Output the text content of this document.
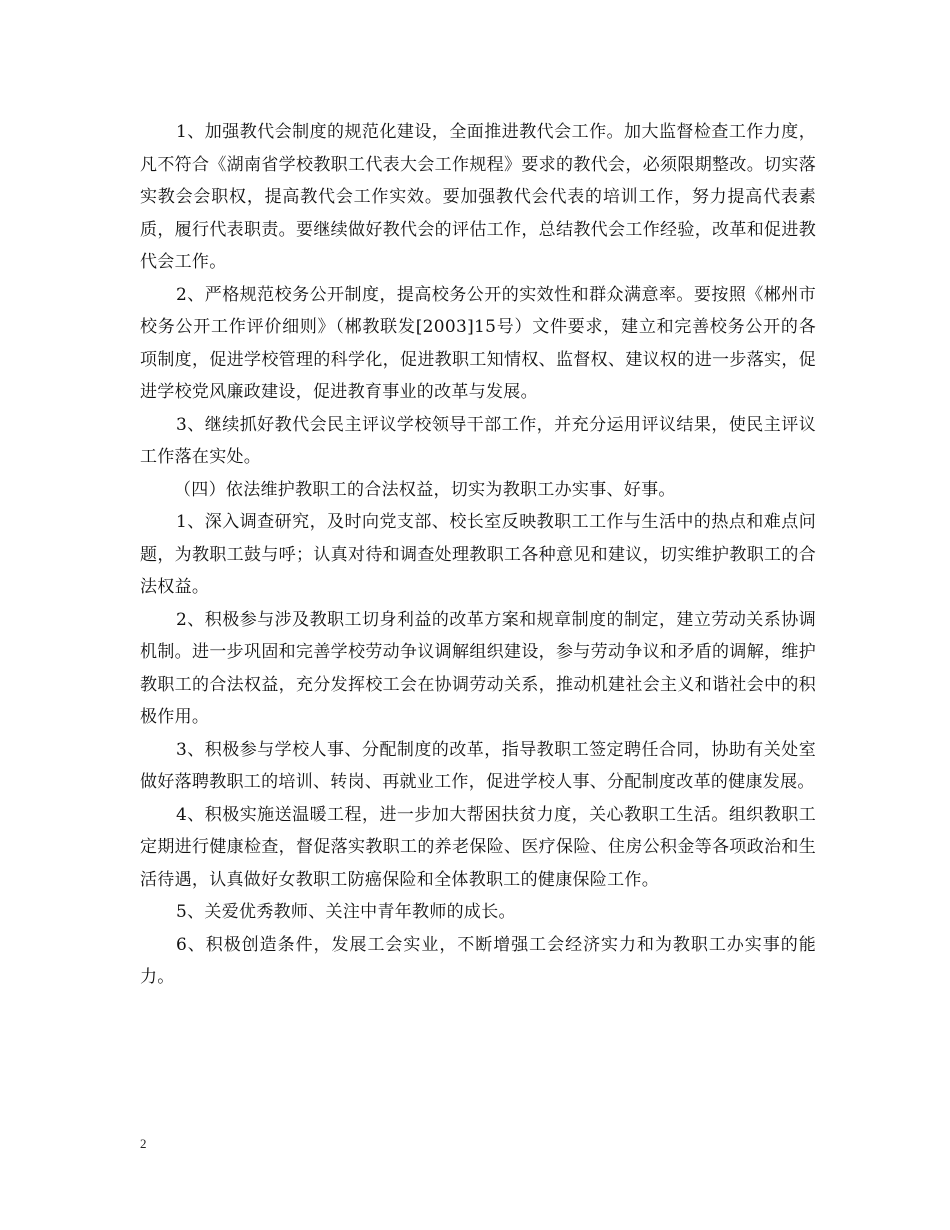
1、加强教代会制度的规范化建设，全面推进教代会工作。加大监督检查工作力度，凡不符合《湖南省学校教职工代表大会工作规程》要求的教代会，必须限期整改。切实落实教会会职权，提高教代会工作实效。要加强教代会代表的培训工作，努力提高代表素质，履行代表职责。要继续做好教代会的评估工作，总结教代会工作经验，改革和促进教代会工作。

2、严格规范校务公开制度，提高校务公开的实效性和群众满意率。要按照《郴州市校务公开工作评价细则》（郴教联发[2003]15号）文件要求，建立和完善校务公开的各项制度，促进学校管理的科学化，促进教职工知情权、监督权、建议权的进一步落实，促进学校党风廉政建设，促进教育事业的改革与发展。

3、继续抓好教代会民主评议学校领导干部工作，并充分运用评议结果，使民主评议工作落在实处。

（四）依法维护教职工的合法权益，切实为教职工办实事、好事。

1、深入调查研究，及时向党支部、校长室反映教职工工作与生活中的热点和难点问题，为教职工鼓与呼；认真对待和调查处理教职工各种意见和建议，切实维护教职工的合法权益。

2、积极参与涉及教职工切身利益的改革方案和规章制度的制定，建立劳动关系协调机制。进一步巩固和完善学校劳动争议调解组织建设，参与劳动争议和矛盾的调解，维护教职工的合法权益，充分发挥校工会在协调劳动关系，推动机建社会主义和谐社会中的积极作用。

3、积极参与学校人事、分配制度的改革，指导教职工签定聘任合同，协助有关处室做好落聘教职工的培训、转岗、再就业工作，促进学校人事、分配制度改革的健康发展。

4、积极实施送温暖工程，进一步加大帮困扶贫力度，关心教职工生活。组织教职工定期进行健康检查，督促落实教职工的养老保险、医疗保险、住房公积金等各项政治和生活待遇，认真做好女教职工防癌保险和全体教职工的健康保险工作。

5、关爱优秀教师、关注中青年教师的成长。

6、积极创造条件，发展工会实业，不断增强工会经济实力和为教职工办实事的能力。

2
